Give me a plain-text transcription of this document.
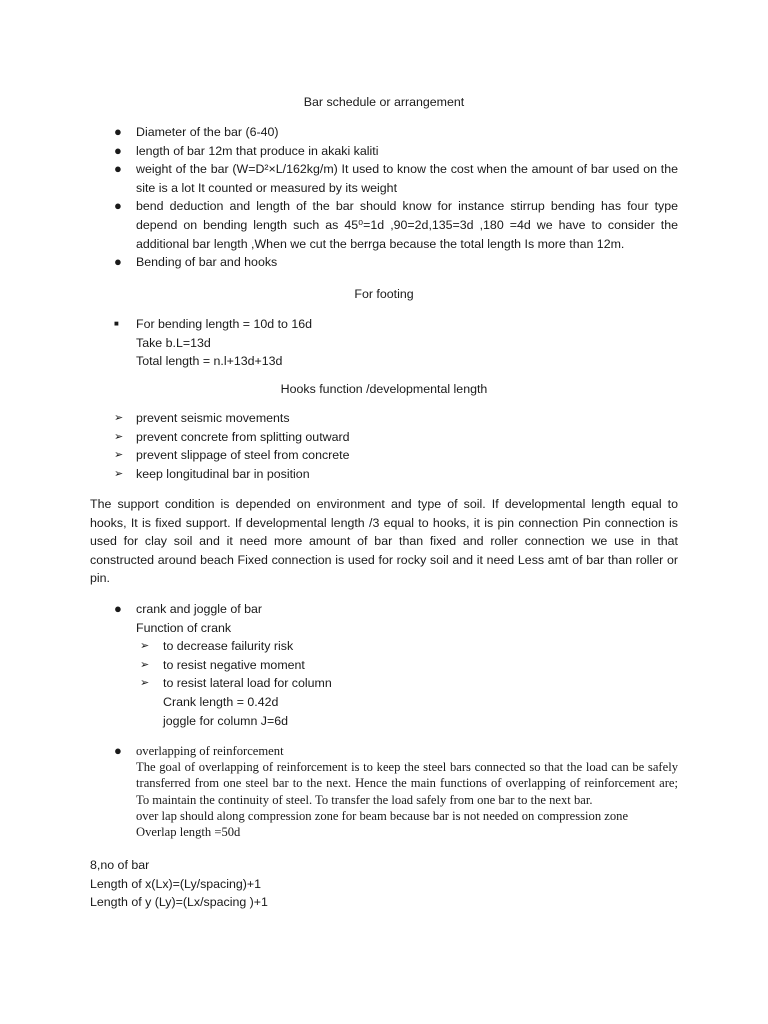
Bar schedule or arrangement
● Diameter of the bar (6-40)
● length of bar 12m that produce in akaki kaliti
● weight of the bar (W=D²×L/162kg/m) It used to know the cost when the amount of bar used on the site is a lot It counted or measured by its weight
● bend deduction and length of the bar should know for instance stirrup bending has four type depend on bending length such as 45⁰=1d ,90=2d,135=3d ,180 =4d we have to consider the additional bar length ,When we cut the berrga because the total length Is more than 12m.
● Bending of bar and hooks
For footing
■ For bending length = 10d to 16d
Take b.L=13d
Total length = n.l+13d+13d
Hooks function /developmental length
➢ prevent seismic movements
➢ prevent concrete from splitting outward
➢ prevent slippage of steel from concrete
➢ keep longitudinal bar in position

The support condition is depended on environment and type of soil. If developmental length equal to hooks, It is fixed support. If developmental length /3 equal to hooks, it is pin connection Pin connection is used for clay soil and it need more amount of bar than fixed and roller connection we use in that constructed around beach Fixed connection is used for rocky soil and it need Less amt of bar than roller or pin.

● crank and joggle of bar
Function of crank
➢ to decrease failurity risk
➢ to resist negative moment
➢ to resist lateral load for column
Crank length = 0.42d
joggle for column J=6d
● overlapping of reinforcement
The goal of overlapping of reinforcement is to keep the steel bars connected so that the load can be safely transferred from one steel bar to the next. Hence the main functions of overlapping of reinforcement are; To maintain the continuity of steel. To transfer the load safely from one bar to the next bar.
over lap should along compression zone for beam because bar is not needed on compression zone
Overlap length =50d
8,no of bar
Length of x(Lx)=(Ly/spacing)+1
Length of y (Ly)=(Lx/spacing )+1
